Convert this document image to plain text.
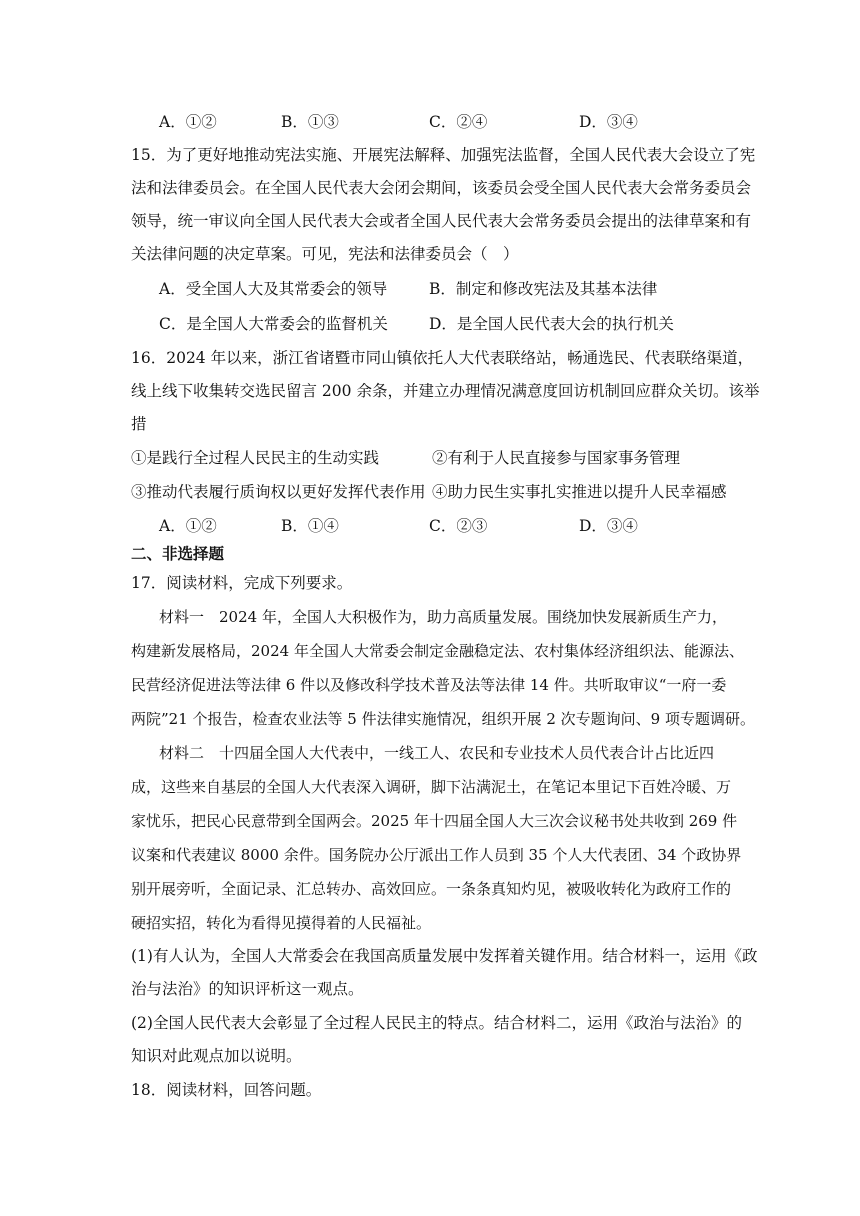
A．①②	B．①③	C．②④	D．③④
15．为了更好地推动宪法实施、开展宪法解释、加强宪法监督，全国人民代表大会设立了宪
法和法律委员会。在全国人民代表大会闭会期间，该委员会受全国人民代表大会常务委员会
领导，统一审议向全国人民代表大会或者全国人民代表大会常务委员会提出的法律草案和有
关法律问题的决定草案。可见，宪法和法律委员会（　）
A．受全国人大及其常委会的领导	B．制定和修改宪法及其基本法律
C．是全国人大常委会的监督机关	D．是全国人民代表大会的执行机关
16．2024 年以来，浙江省诸暨市同山镇依托人大代表联络站，畅通选民、代表联络渠道，
线上线下收集转交选民留言 200 余条，并建立办理情况满意度回访机制回应群众关切。该举
措
①是践行全过程人民民主的生动实践	②有利于人民直接参与国家事务管理
③推动代表履行质询权以更好发挥代表作用 ④助力民生实事扎实推进以提升人民幸福感
A．①②	B．①④	C．②③	D．③④
二、非选择题
17．阅读材料，完成下列要求。
材料一　2024 年，全国人大积极作为，助力高质量发展。围绕加快发展新质生产力，
构建新发展格局，2024 年全国人大常委会制定金融稳定法、农村集体经济组织法、能源法、
民营经济促进法等法律 6 件以及修改科学技术普及法等法律 14 件。共听取审议“一府一委
两院”21 个报告，检查农业法等 5 件法律实施情况，组织开展 2 次专题询问、9 项专题调研。
材料二　十四届全国人大代表中，一线工人、农民和专业技术人员代表合计占比近四
成，这些来自基层的全国人大代表深入调研，脚下沾满泥土，在笔记本里记下百姓冷暖、万
家忧乐，把民心民意带到全国两会。2025 年十四届全国人大三次会议秘书处共收到 269 件
议案和代表建议 8000 余件。国务院办公厅派出工作人员到 35 个人大代表团、34 个政协界
别开展旁听，全面记录、汇总转办、高效回应。一条条真知灼见，被吸收转化为政府工作的
硬招实招，转化为看得见摸得着的人民福祉。
(1)有人认为，全国人大常委会在我国高质量发展中发挥着关键作用。结合材料一，运用《政
治与法治》的知识评析这一观点。
(2)全国人民代表大会彰显了全过程人民民主的特点。结合材料二，运用《政治与法治》的
知识对此观点加以说明。
18．阅读材料，回答问题。
